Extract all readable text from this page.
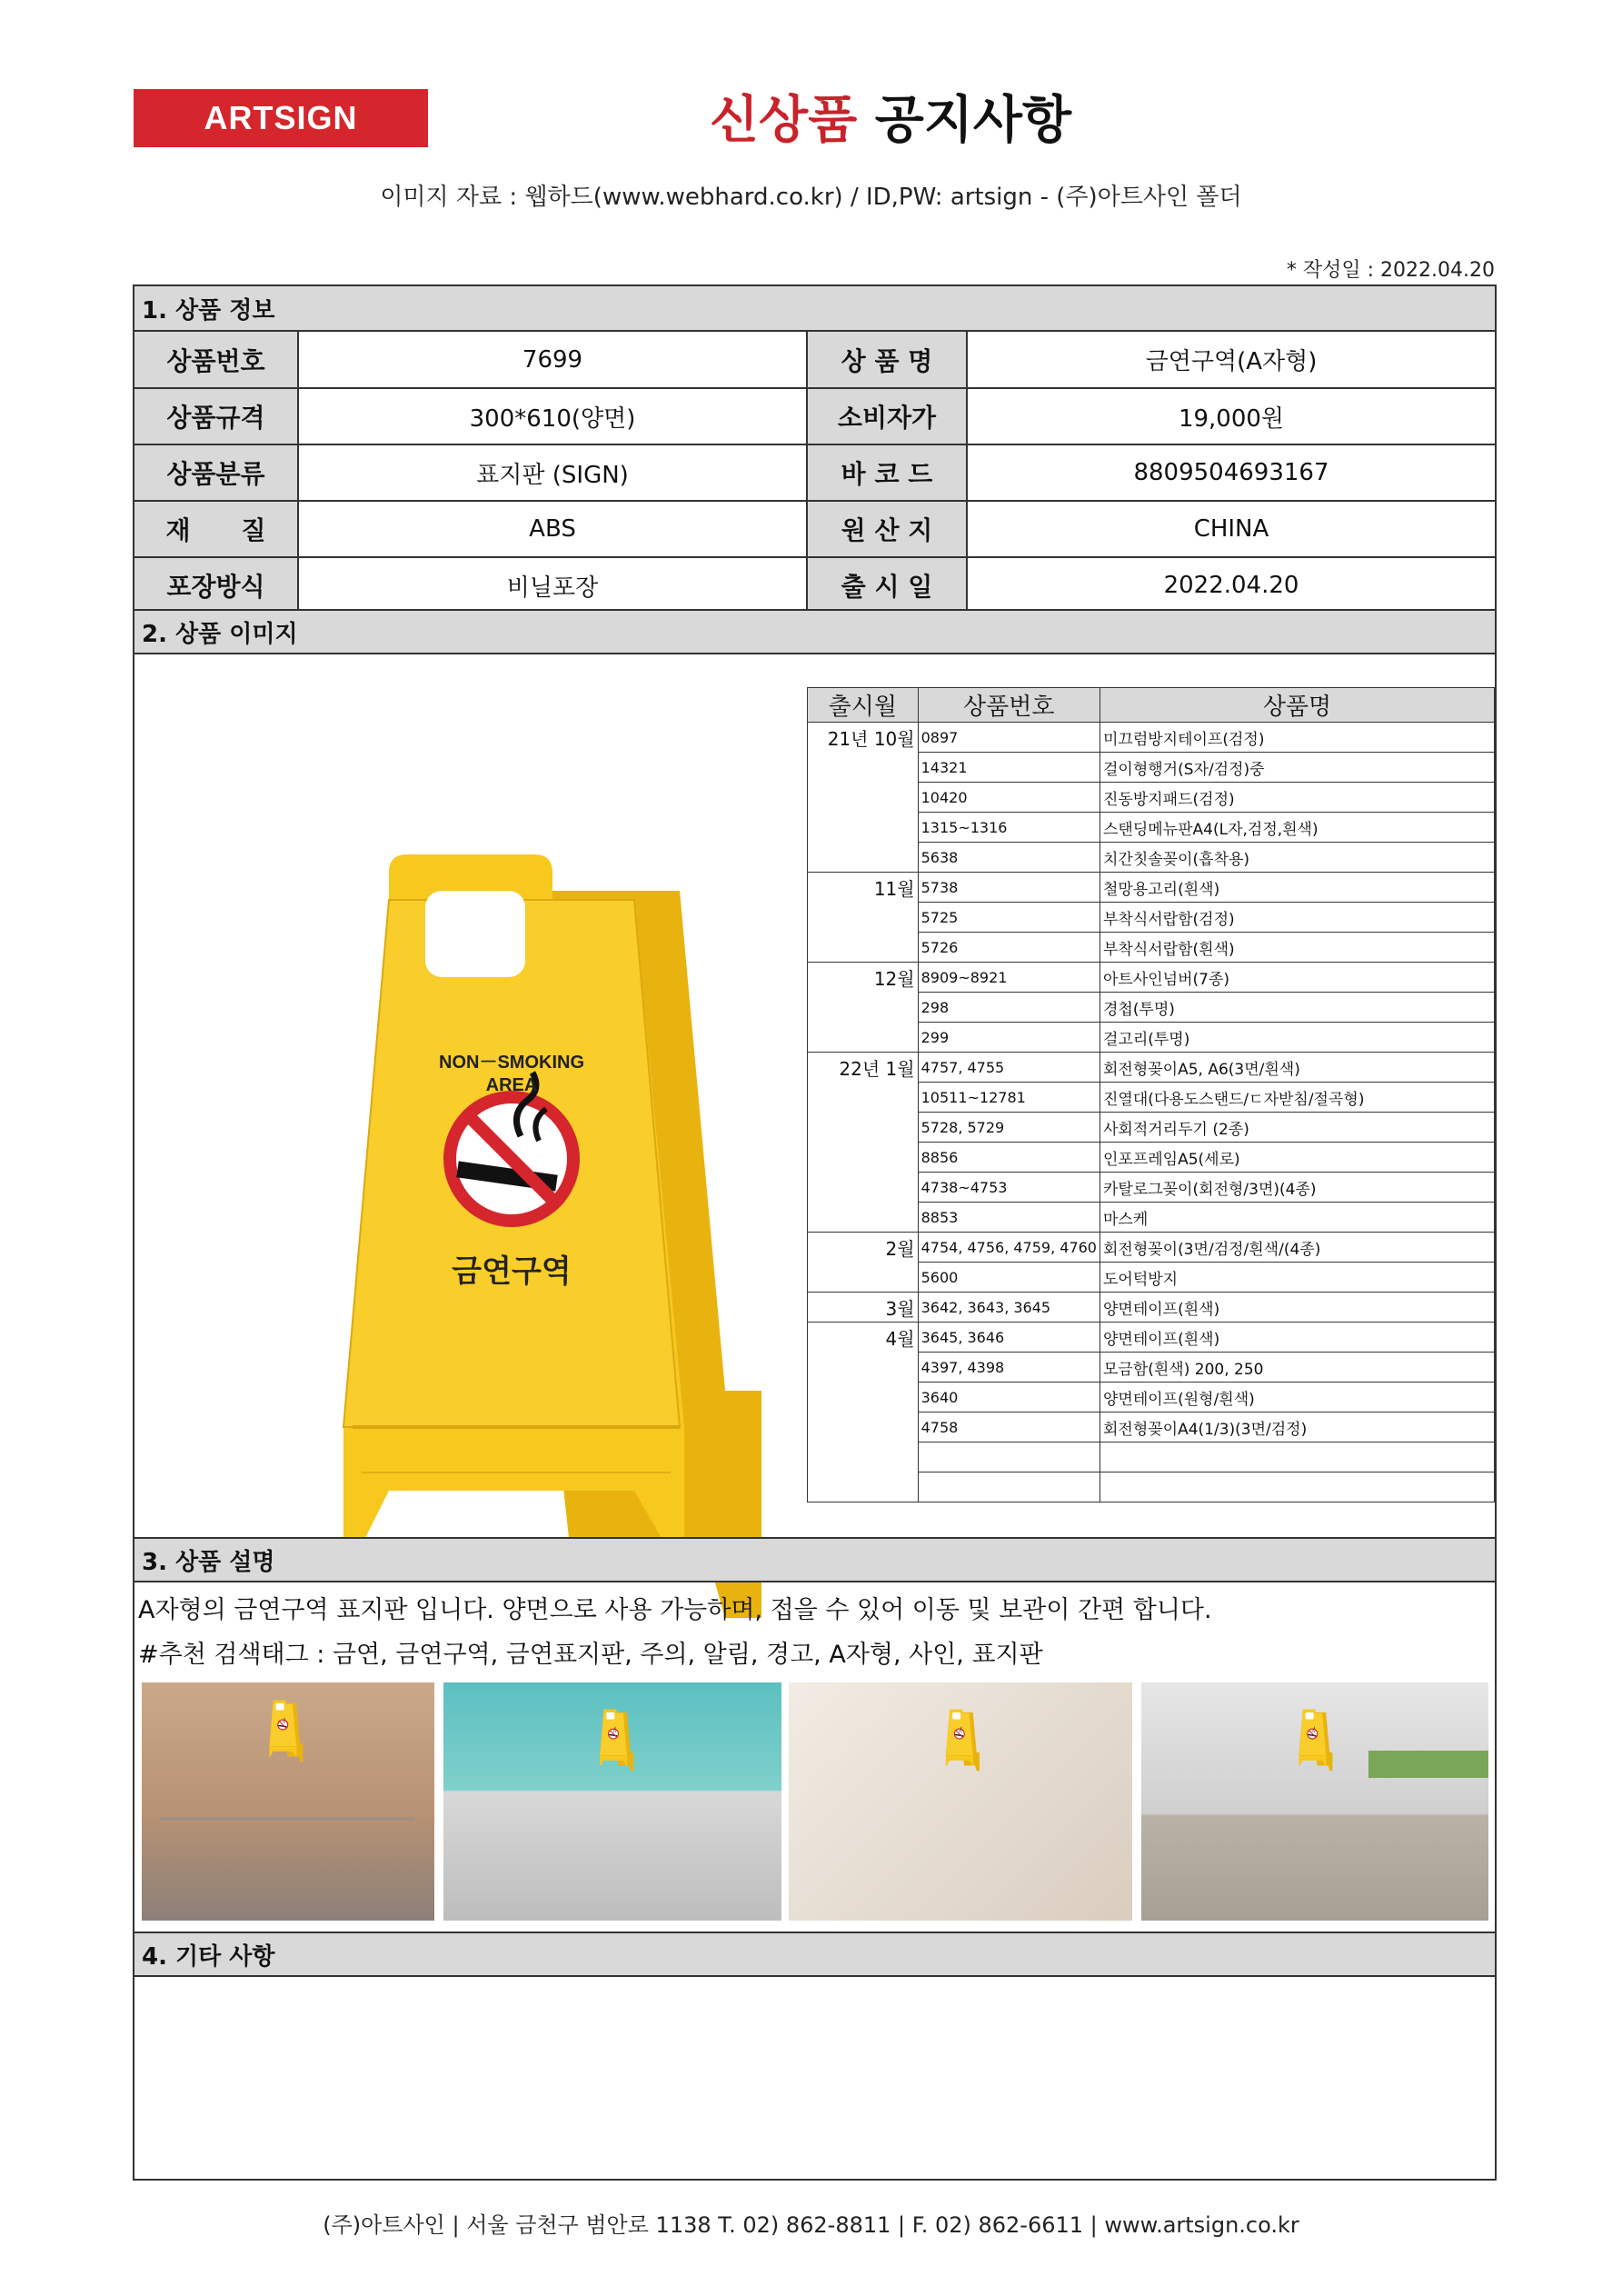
ARTSIGN	신상품 공지사항
이미지 자료 : 웹하드(www.webhard.co.kr) / ID,PW: artsign - (주)아트사인 폴더
* 작성일 : 2022.04.20
1. 상품 정보
상품번호	7699	상 품 명	금연구역(A자형)
상품규격	300*610(양면)	소비자가	19,000원
상품분류	표지판 (SIGN)	바 코 드	8809504693167
재　　질	ABS	원 산 지	CHINA
포장방식	비닐포장	출 시 일	2022.04.20
2. 상품 이미지
NON－SMOKING
AREA
금연구역
출시월	상품번호	상품명
21년 10월	0897	미끄럼방지테이프(검정)
	14321	걸이형행거(S자/검정)중
	10420	진동방지패드(검정)
	1315~1316	스탠딩메뉴판A4(L자,검정,흰색)
	5638	치간칫솔꽂이(흡착용)
11월	5738	철망용고리(흰색)
	5725	부착식서랍함(검정)
	5726	부착식서랍함(흰색)
12월	8909~8921	아트사인넘버(7종)
	298	경첩(투명)
	299	걸고리(투명)
22년 1월	4757, 4755	회전형꽂이A5, A6(3면/흰색)
	10511~12781	진열대(다용도스탠드/ㄷ자받침/절곡형)
	5728, 5729	사회적거리두기 (2종)
	8856	인포프레임A5(세로)
	4738~4753	카탈로그꽂이(회전형/3면)(4종)
	8853	마스케
2월	4754, 4756, 4759, 4760	회전형꽂이(3면/검정/흰색/(4종)
	5600	도어턱방지
3월	3642, 3643, 3645	양면테이프(흰색)
4월	3645, 3646	양면테이프(흰색)
	4397, 4398	모금함(흰색) 200, 250
	3640	양면테이프(원형/흰색)
	4758	회전형꽂이A4(1/3)(3면/검정)

3. 상품 설명
A자형의 금연구역 표지판 입니다. 양면으로 사용 가능하며, 접을 수 있어 이동 및 보관이 간편 합니다.
#추천 검색태그 : 금연, 금연구역, 금연표지판, 주의, 알림, 경고, A자형, 사인, 표지판
4. 기타 사항
(주)아트사인 | 서울 금천구 범안로 1138 T. 02) 862-8811 | F. 02) 862-6611 | www.artsign.co.kr
